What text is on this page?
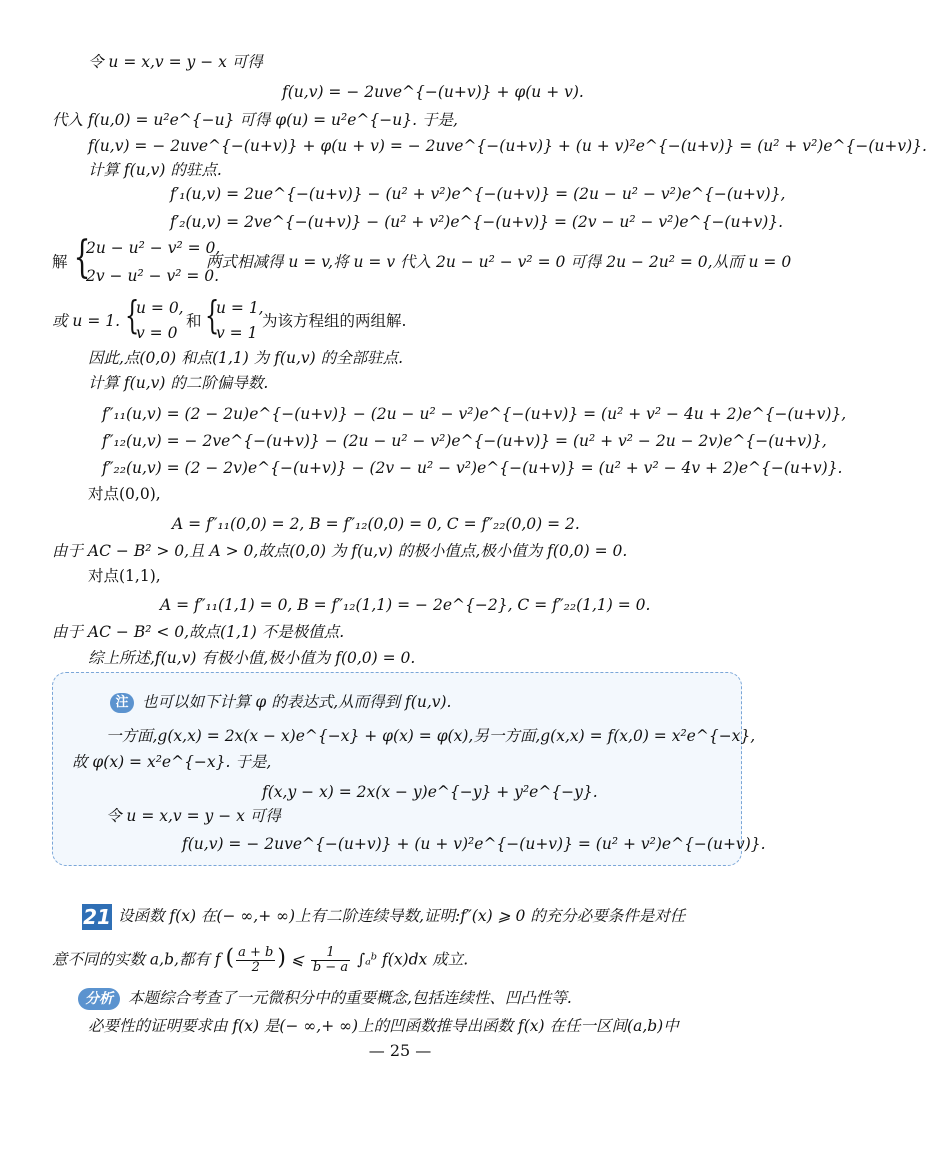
令 u = x,v = y − x 可得
f(u,v) = − 2uve^{−(u+v)} + φ(u + v).
代入 f(u,0) = u²e^{−u} 可得 φ(u) = u²e^{−u}. 于是,
f(u,v) = − 2uve^{−(u+v)} + φ(u + v) = − 2uve^{−(u+v)} + (u + v)²e^{−(u+v)} = (u² + v²)e^{−(u+v)}.
计算 f(u,v) 的驻点.
f′₁(u,v) = 2ue^{−(u+v)} − (u² + v²)e^{−(u+v)} = (2u − u² − v²)e^{−(u+v)},
f′₂(u,v) = 2ve^{−(u+v)} − (u² + v²)e^{−(u+v)} = (2v − u² − v²)e^{−(u+v)}.
解 {
2u − u² − v² = 0,
2v − u² − v² = 0.
两式相减得 u = v,将 u = v 代入 2u − u² − v² = 0 可得 2u − 2u² = 0,从而 u = 0
或 u = 1. {
u = 0,
v = 0
和 {
u = 1,
v = 1
为该方程组的两组解.
因此,点(0,0) 和点(1,1) 为 f(u,v) 的全部驻点.
计算 f(u,v) 的二阶偏导数.
f″₁₁(u,v) = (2 − 2u)e^{−(u+v)} − (2u − u² − v²)e^{−(u+v)} = (u² + v² − 4u + 2)e^{−(u+v)},
f″₁₂(u,v) = − 2ve^{−(u+v)} − (2u − u² − v²)e^{−(u+v)} = (u² + v² − 2u − 2v)e^{−(u+v)},
f″₂₂(u,v) = (2 − 2v)e^{−(u+v)} − (2v − u² − v²)e^{−(u+v)} = (u² + v² − 4v + 2)e^{−(u+v)}.
对点(0,0),
A = f″₁₁(0,0) = 2, B = f″₁₂(0,0) = 0, C = f″₂₂(0,0) = 2.
由于 AC − B² > 0,且 A > 0,故点(0,0) 为 f(u,v) 的极小值点,极小值为 f(0,0) = 0.
对点(1,1),
A = f″₁₁(1,1) = 0, B = f″₁₂(1,1) = − 2e^{−2}, C = f″₂₂(1,1) = 0.
由于 AC − B² < 0,故点(1,1) 不是极值点.
综上所述,f(u,v) 有极小值,极小值为 f(0,0) = 0.
注 也可以如下计算 φ 的表达式,从而得到 f(u,v).
一方面,g(x,x) = 2x(x − x)e^{−x} + φ(x) = φ(x),另一方面,g(x,x) = f(x,0) = x²e^{−x},
故 φ(x) = x²e^{−x}. 于是,
f(x,y − x) = 2x(x − y)e^{−y} + y²e^{−y}.
令 u = x,v = y − x 可得
f(u,v) = − 2uve^{−(u+v)} + (u + v)²e^{−(u+v)} = (u² + v²)e^{−(u+v)}.
21 设函数 f(x) 在(− ∞,+ ∞)上有二阶连续导数,证明:f″(x) ⩾ 0 的充分必要条件是对任
意不同的实数 a,b,都有 f ( $\frac{a + b}{2}$ ) ⩽ $\frac{1}{b - a}$ ∫ₐᵇ f(x)dx 成立.
分析 本题综合考查了一元微积分中的重要概念,包括连续性、凹凸性等.
必要性的证明要求由 f(x) 是(− ∞,+ ∞)上的凹函数推导出函数 f(x) 在任一区间(a,b)中
— 25 —
